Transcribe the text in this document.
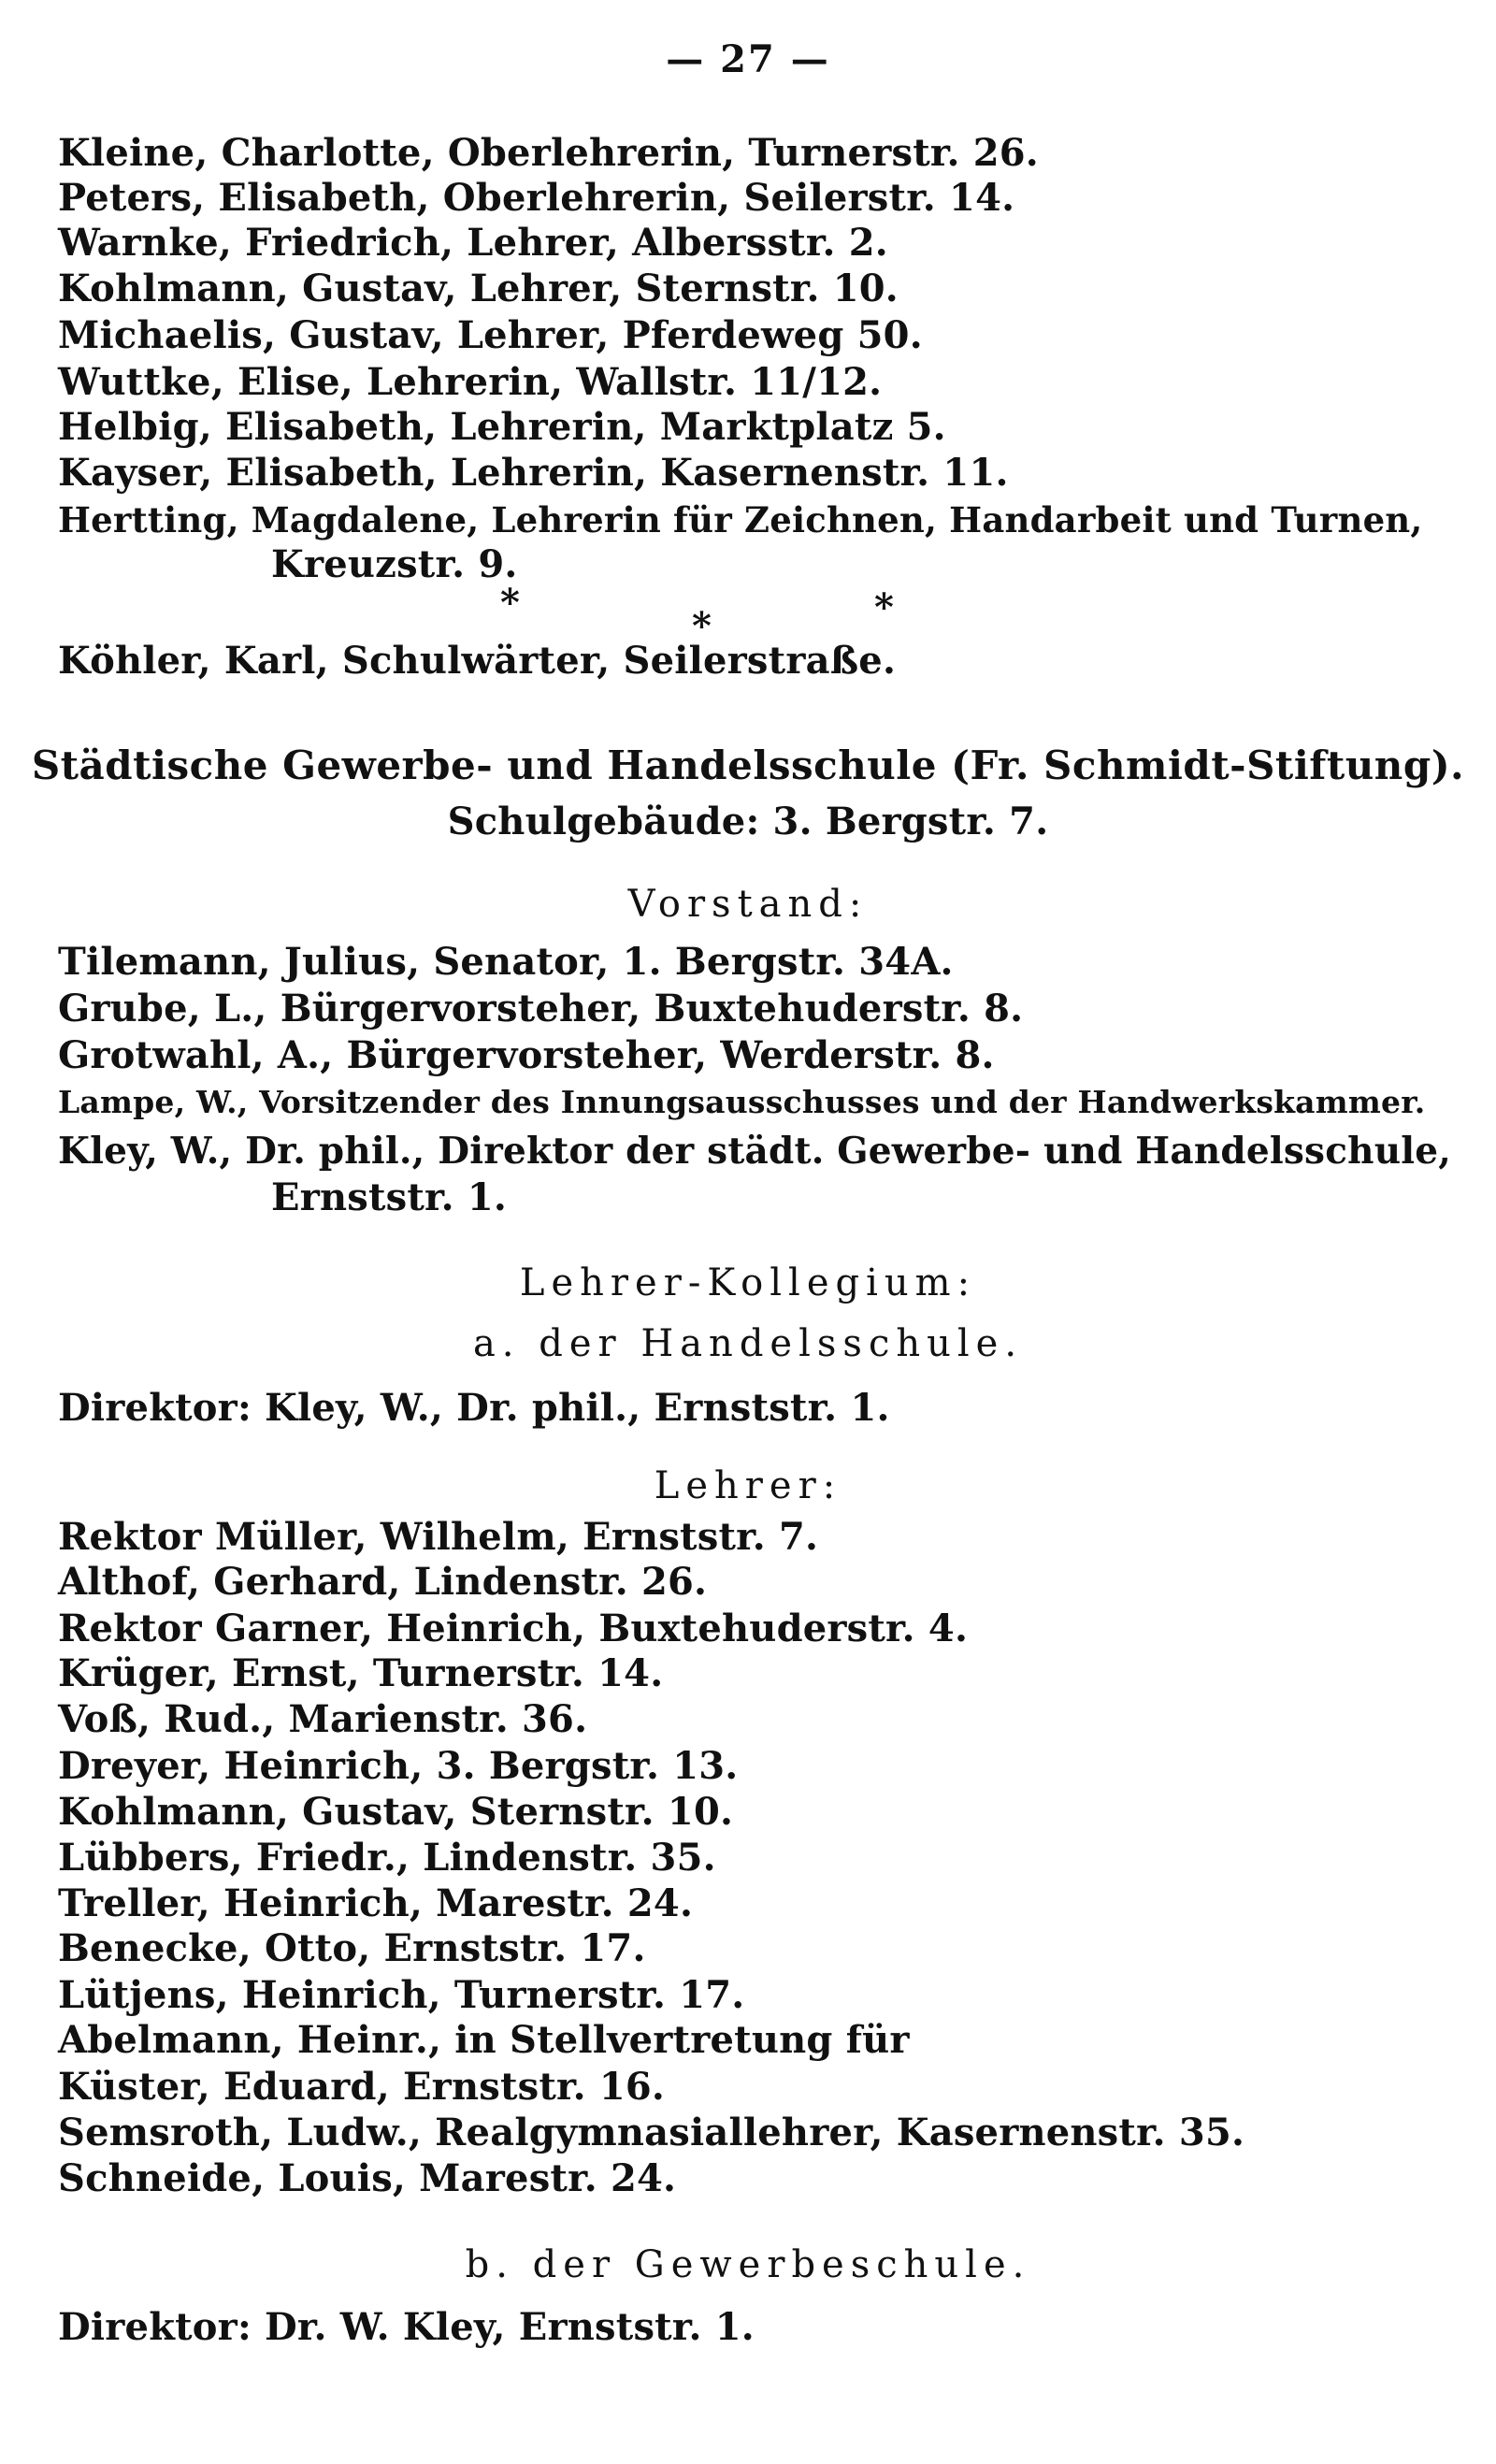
— 27 —
Kleine, Charlotte, Oberlehrerin, Turnerstr. 26.
Peters, Elisabeth, Oberlehrerin, Seilerstr. 14.
Warnke, Friedrich, Lehrer, Albersstr. 2.
Kohlmann, Gustav, Lehrer, Sternstr. 10.
Michaelis, Gustav, Lehrer, Pferdeweg 50.
Wuttke, Elise, Lehrerin, Wallstr. 11/12.
Helbig, Elisabeth, Lehrerin, Marktplatz 5.
Kayser, Elisabeth, Lehrerin, Kasernenstr. 11.
Hertting, Magdalene, Lehrerin für Zeichnen, Handarbeit und Turnen,
Kreuzstr. 9.
*
*	*
Köhler, Karl, Schulwärter, Seilerstraße.
Städtische Gewerbe- und Handelsschule (Fr. Schmidt-Stiftung).
Schulgebäude: 3. Bergstr. 7.
Vorstand:
Tilemann, Julius, Senator, 1. Bergstr. 34A.
Grube, L., Bürgervorsteher, Buxtehuderstr. 8.
Grotwahl, A., Bürgervorsteher, Werderstr. 8.
Lampe, W., Vorsitzender des Innungsausschusses und der Handwerkskammer.
Kley, W., Dr. phil., Direktor der städt. Gewerbe- und Handelsschule,
Ernststr. 1.
Lehrer-Kollegium:
a. der Handelsschule.
Direktor: Kley, W., Dr. phil., Ernststr. 1.
Lehrer:
Rektor Müller, Wilhelm, Ernststr. 7.
Althof, Gerhard, Lindenstr. 26.
Rektor Garner, Heinrich, Buxtehuderstr. 4.
Krüger, Ernst, Turnerstr. 14.
Voß, Rud., Marienstr. 36.
Dreyer, Heinrich, 3. Bergstr. 13.
Kohlmann, Gustav, Sternstr. 10.
Lübbers, Friedr., Lindenstr. 35.
Treller, Heinrich, Marestr. 24.
Benecke, Otto, Ernststr. 17.
Lütjens, Heinrich, Turnerstr. 17.
Abelmann, Heinr., in Stellvertretung für
Küster, Eduard, Ernststr. 16.
Semsroth, Ludw., Realgymnasiallehrer, Kasernenstr. 35.
Schneide, Louis, Marestr. 24.
b. der Gewerbeschule.
Direktor: Dr. W. Kley, Ernststr. 1.
